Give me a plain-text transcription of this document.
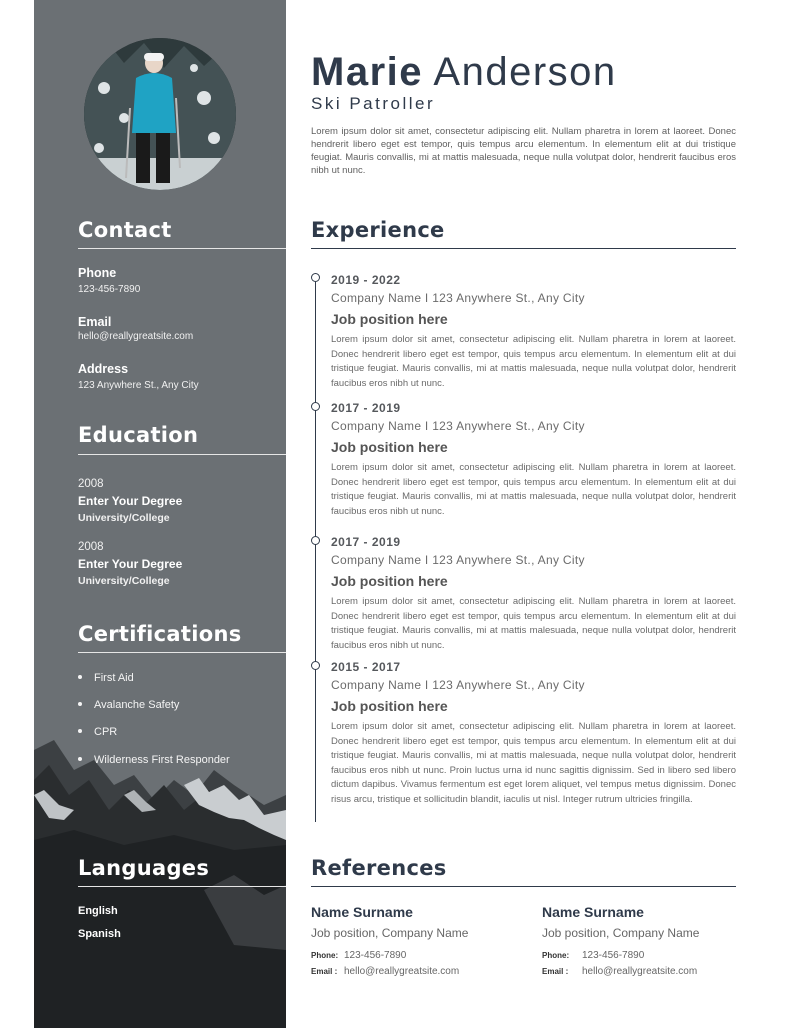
Contact
Phone
123-456-7890
Email
hello@reallygreatsite.com
Address
123 Anywhere St., Any City
Education
2008
Enter Your Degree
University/College
2008
Enter Your Degree
University/College
Certifications
First Aid
Avalanche Safety
CPR
Wilderness First Responder
Languages
English
Spanish
Marie Anderson
Ski Patroller
Lorem ipsum dolor sit amet, consectetur adipiscing elit. Nullam pharetra in lorem at laoreet. Donec hendrerit libero eget est tempor, quis tempus arcu elementum. In elementum elit at dui tristique feugiat. Mauris convallis, mi at mattis malesuada, neque nulla volutpat dolor, hendrerit faucibus eros nibh ut nunc.
Experience
2019 - 2022
Company Name I 123 Anywhere St., Any City
Job position here
Lorem ipsum dolor sit amet, consectetur adipiscing elit. Nullam pharetra in lorem at laoreet. Donec hendrerit libero eget est tempor, quis tempus arcu elementum. In elementum elit at dui tristique feugiat. Mauris convallis, mi at mattis malesuada, neque nulla volutpat dolor, hendrerit faucibus eros nibh ut nunc.
2017 - 2019
Company Name I 123 Anywhere St., Any City
Job position here
Lorem ipsum dolor sit amet, consectetur adipiscing elit. Nullam pharetra in lorem at laoreet. Donec hendrerit libero eget est tempor, quis tempus arcu elementum. In elementum elit at dui tristique feugiat. Mauris convallis, mi at mattis malesuada, neque nulla volutpat dolor, hendrerit faucibus eros nibh ut nunc.
2017 - 2019
Company Name I 123 Anywhere St., Any City
Job position here
Lorem ipsum dolor sit amet, consectetur adipiscing elit. Nullam pharetra in lorem at laoreet. Donec hendrerit libero eget est tempor, quis tempus arcu elementum. In elementum elit at dui tristique feugiat. Mauris convallis, mi at mattis malesuada, neque nulla volutpat dolor, hendrerit faucibus eros nibh ut nunc.
2015 - 2017
Company Name I 123 Anywhere St., Any City
Job position here
Lorem ipsum dolor sit amet, consectetur adipiscing elit. Nullam pharetra in lorem at laoreet. Donec hendrerit libero eget est tempor, quis tempus arcu elementum. In elementum elit at dui tristique feugiat. Mauris convallis, mi at mattis malesuada, neque nulla volutpat dolor, hendrerit faucibus eros nibh ut nunc. Proin luctus urna id nunc sagittis dignissim. Sed in libero sed libero dictum dapibus. Vivamus fermentum est eget lorem aliquet, vel tempus metus dignissim. Donec risus arcu, tristique et sollicitudin blandit, iaculis ut nisl. Integer rutrum ultricies fringilla.
References
Name Surname
Job position, Company Name
Phone: 123-456-7890
Email : hello@reallygreatsite.com
Name Surname
Job position, Company Name
Phone: 123-456-7890
Email : hello@reallygreatsite.com
